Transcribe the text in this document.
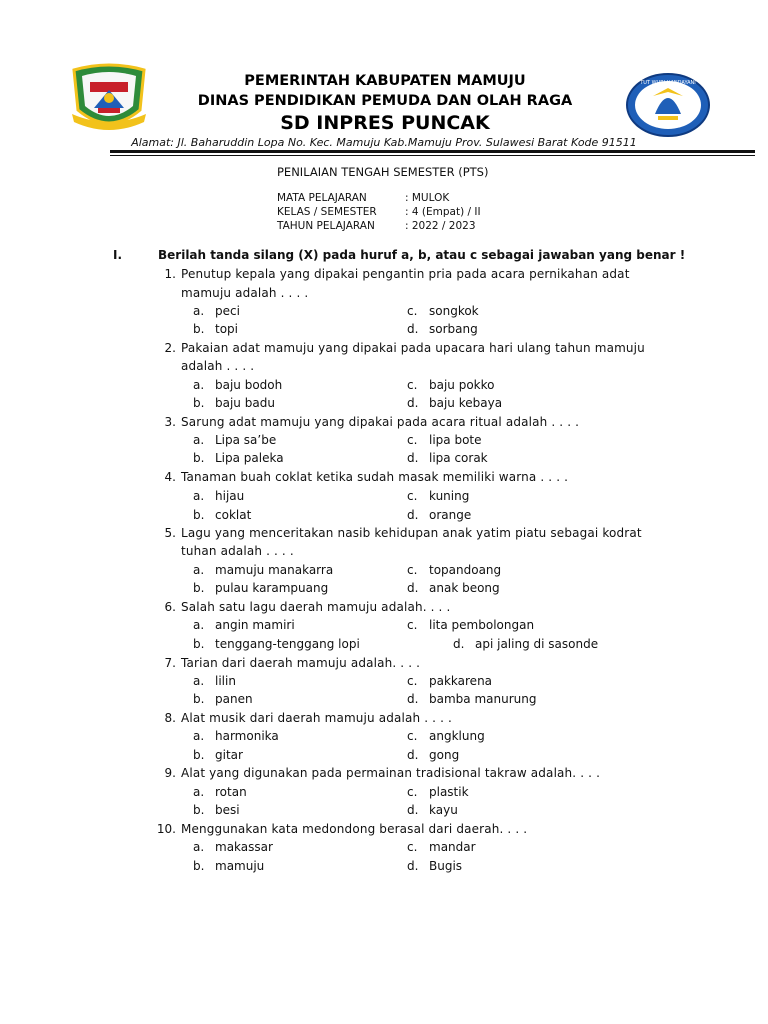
TUT WURI HANDAYANI
PEMERINTAH KABUPATEN MAMUJU
DINAS PENDIDIKAN PEMUDA DAN OLAH RAGA
SD INPRES PUNCAK
Alamat: Jl. Baharuddin Lopa No. Kec. Mamuju Kab.Mamuju Prov. Sulawesi Barat Kode 91511
PENILAIAN TENGAH SEMESTER (PTS)
MATA PELAJARAN	: MULOK
KELAS / SEMESTER	: 4 (Empat) / II
TAHUN PELAJARAN	: 2022 / 2023
I.	Berilah tanda silang (X) pada huruf a, b, atau c sebagai jawaban yang benar !
1. Penutup kepala yang dipakai pengantin pria pada acara pernikahan adat
mamuju adalah . . . .
a. peci	c. songkok
b. topi	d. sorbang
2. Pakaian adat mamuju yang dipakai pada upacara hari ulang tahun mamuju
adalah . . . .
a. baju bodoh	c. baju pokko
b. baju badu	d. baju kebaya
3. Sarung adat mamuju yang dipakai pada acara ritual adalah . . . .
a. Lipa sa’be	c. lipa bote
b. Lipa paleka	d. lipa corak
4. Tanaman buah coklat ketika sudah masak memiliki warna . . . .
a. hijau	c. kuning
b. coklat	d. orange
5. Lagu yang menceritakan nasib kehidupan anak yatim piatu sebagai kodrat
tuhan adalah . . . .
a. mamuju manakarra	c. topandoang
b. pulau karampuang	d. anak beong
6. Salah satu lagu daerah mamuju adalah. . . .
a. angin mamiri	c. lita pembolongan
b. tenggang-tenggang lopi	d. api jaling di sasonde
7. Tarian dari daerah mamuju adalah. . . .
a. lilin	c. pakkarena
b. panen	d. bamba manurung
8. Alat musik dari daerah mamuju adalah . . . .
a. harmonika	c. angklung
b. gitar	d. gong
9. Alat yang digunakan pada permainan tradisional takraw adalah. . . .
a. rotan	c. plastik
b. besi	d. kayu
10. Menggunakan kata medondong berasal dari daerah. . . .
a. makassar	c. mandar
b. mamuju	d. Bugis
